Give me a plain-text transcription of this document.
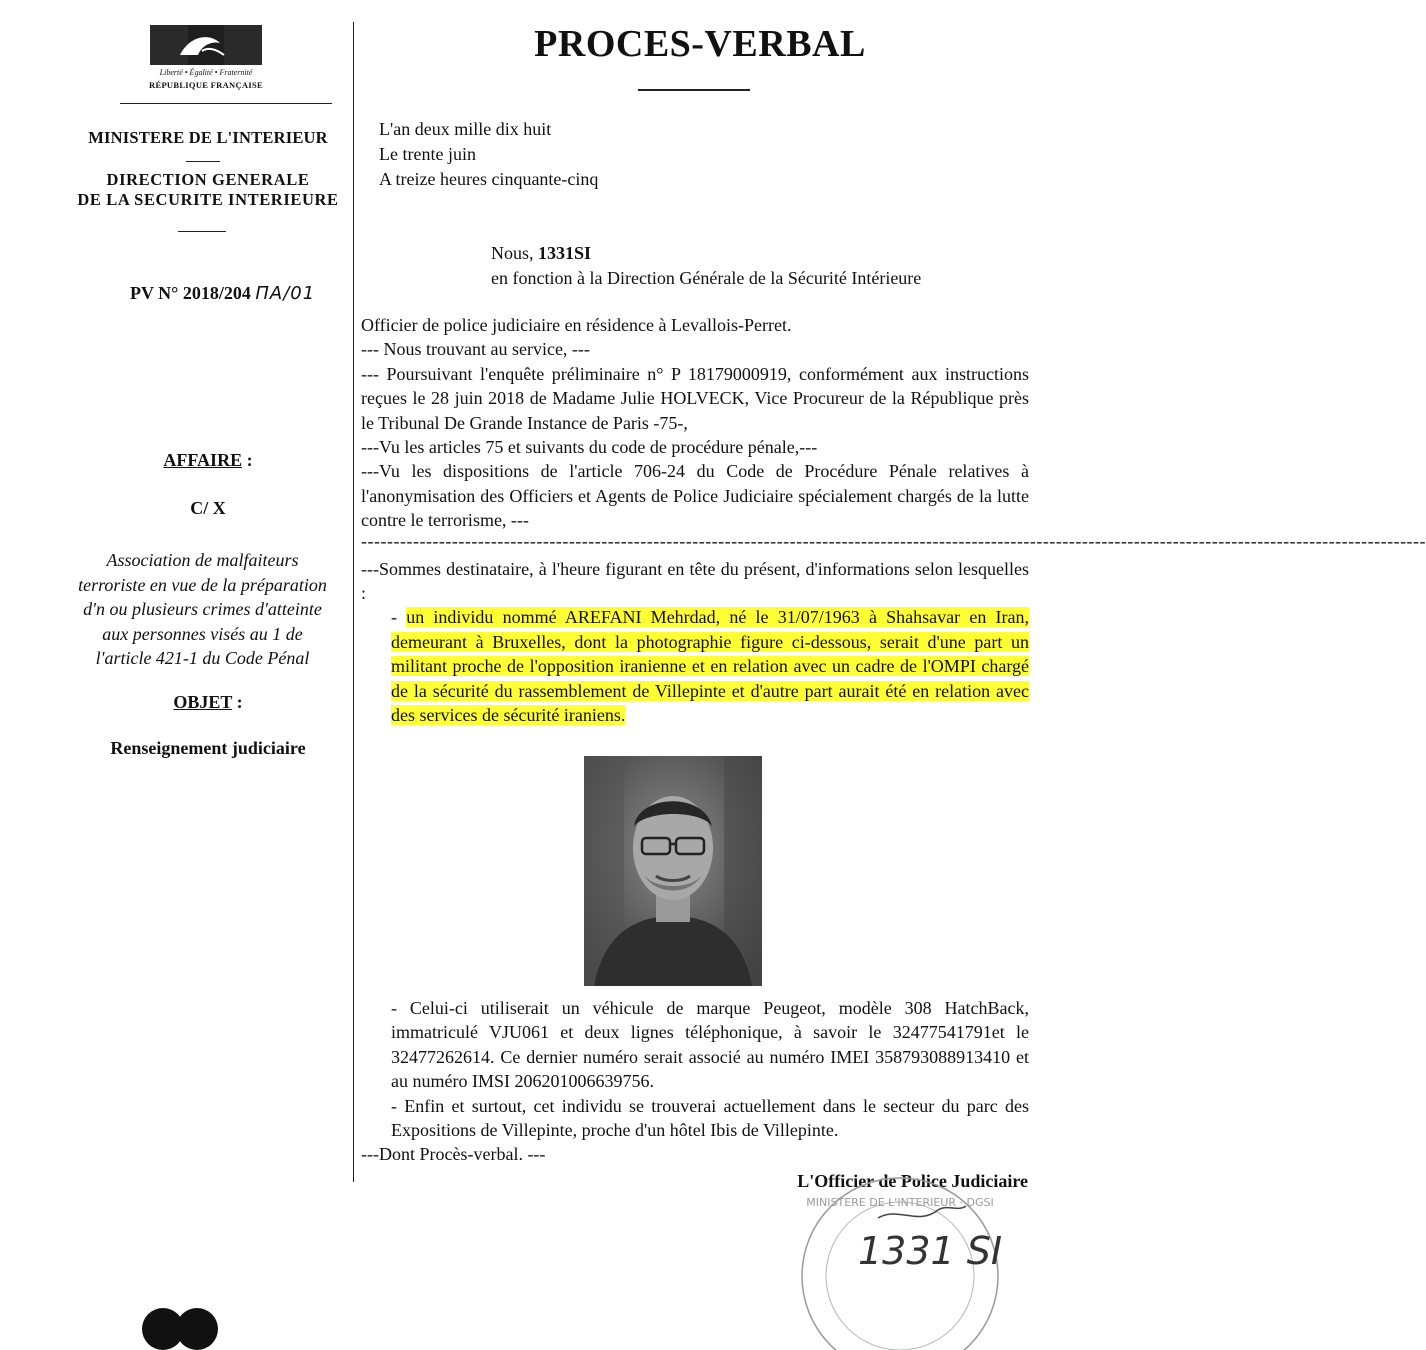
Liberté • Égalité • Fraternité
RÉPUBLIQUE FRANÇAISE
PROCES-VERBAL
MINISTERE DE L'INTERIEUR
DIRECTION GENERALE
DE LA SECURITE INTERIEURE
PV N° 2018/204 ПА/01
AFFAIRE :
C/ X
Association de malfaiteurs
terroriste en vue de la préparation
d'n ou plusieurs crimes d'atteinte
aux personnes visés au 1 de
l'article 421-1 du Code Pénal
OBJET :
Renseignement judiciaire
L'an deux mille dix huit
Le trente juin
A treize heures cinquante-cinq
Nous, 1331SI
en fonction à la Direction Générale de la Sécurité Intérieure

Officier de police judiciaire en résidence à Levallois-Perret.

--- Nous trouvant au service, ---

--- Poursuivant l'enquête préliminaire n° P 18179000919, conformément aux instructions reçues le 28 juin 2018 de Madame Julie HOLVECK, Vice Procureur de la République près le Tribunal De Grande Instance de Paris -75-,

---Vu les articles 75 et suivants du code de procédure pénale,---

---Vu les dispositions de l'article 706-24 du Code de Procédure Pénale relatives à l'anonymisation des Officiers et Agents de Police Judiciaire spécialement chargés de la lutte contre le terrorisme, ---

--------------------------------------------------------------------------------------------------------------------------------------------------------------------

---Sommes destinataire, à l'heure figurant en tête du présent, d'informations selon lesquelles :

- un individu nommé AREFANI Mehrdad, né le 31/07/1963 à Shahsavar en Iran, demeurant à Bruxelles, dont la photographie figure ci-dessous, serait d'une part un militant proche de l'opposition iranienne et en relation avec un cadre de l'OMPI chargé de la sécurité du rassemblement de Villepinte et d'autre part aurait été en relation avec des services de sécurité iraniens.

- Celui-ci utiliserait un véhicule de marque Peugeot, modèle 308 HatchBack, immatriculé VJU061 et deux lignes téléphonique, à savoir le 32477541791et le 32477262614. Ce dernier numéro serait associé au numéro IMEI 358793088913410 et au numéro IMSI 206201006639756.

- Enfin et surtout, cet individu se trouverai actuellement dans le secteur du parc des Expositions de Villepinte, proche d'un hôtel Ibis de Villepinte.

---Dont Procès-verbal. ---

L'Officier de Police Judiciaire
MINISTERE DE L'INTERIEUR · DGSI
1331 SI
